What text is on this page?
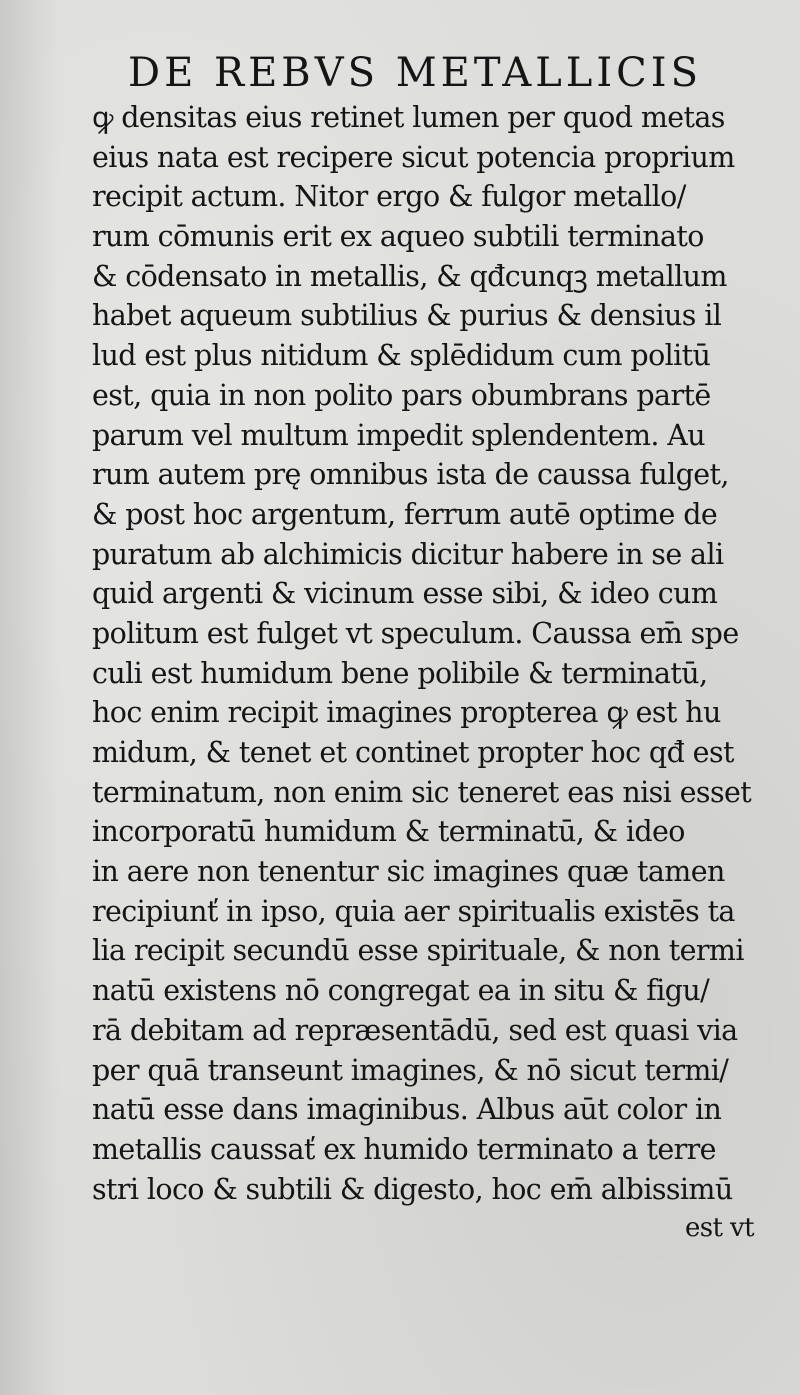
DE REBVS METALLICIS
ꝙ densitas eius retinet lumen per quod metas
eius nata est recipere sicut potencia proprium
recipit actum. Nitor ergo & fulgor metallo/
rum cōmunis erit ex aqueo subtili terminato
& cōdensato in metallis, & qđcunqꝫ metallum
habet aqueum subtilius & purius & densius il
lud est plus nitidum & splēdidum cum politū
est, quia in non polito pars obumbrans partē
parum vel multum impedit splendentem. Au
rum autem prę omnibus ista de caussa fulget,
& post hoc argentum, ferrum autē optime de
puratum ab alchimicis dicitur habere in se ali
quid argenti & vicinum esse sibi, & ideo cum
politum est fulget vt speculum. Caussa em̄ spe
culi est humidum bene polibile & terminatū,
hoc enim recipit imagines propterea ꝙ est hu
midum, & tenet et continet propter hoc qđ est
terminatum, non enim sic teneret eas nisi esset
incorporatū humidum & terminatū, & ideo
in aere non tenentur sic imagines quæ tamen
recipiunť in ipso, quia aer spiritualis existēs ta
lia recipit secundū esse spirituale, & non termi
natū existens nō congregat ea in situ & figu/
rā debitam ad repræsentādū, sed est quasi via
per quā transeunt imagines, & nō sicut termi/
natū esse dans imaginibus. Albus aūt color in
metallis caussať ex humido terminato a terre
stri loco & subtili & digesto, hoc em̄ albissimū
est vt
